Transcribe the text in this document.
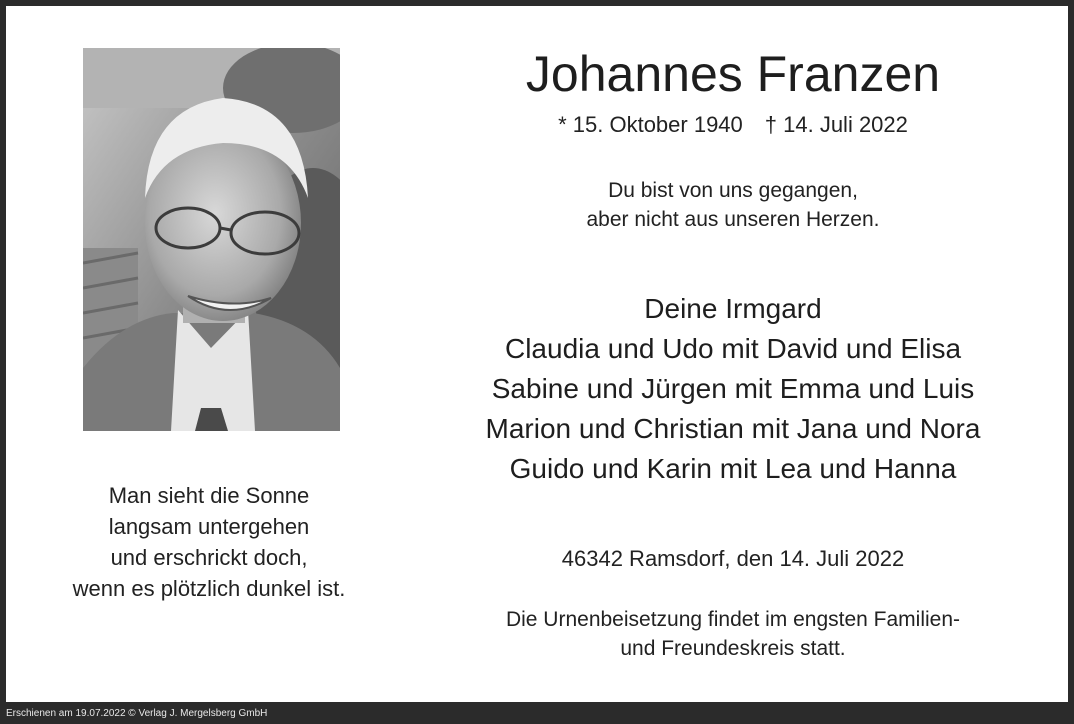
Man sieht die Sonne
langsam untergehen
und erschrickt doch,
wenn es plötzlich dunkel ist.
Johannes Franzen
* 15. Oktober 1940 † 14. Juli 2022
Du bist von uns gegangen,
aber nicht aus unseren Herzen.
Deine Irmgard
Claudia und Udo mit David und Elisa
Sabine und Jürgen mit Emma und Luis
Marion und Christian mit Jana und Nora
Guido und Karin mit Lea und Hanna
46342 Ramsdorf, den 14. Juli 2022
Die Urnenbeisetzung findet im engsten Familien-
und Freundeskreis statt.
Erschienen am 19.07.2022 © Verlag J. Mergelsberg GmbH
